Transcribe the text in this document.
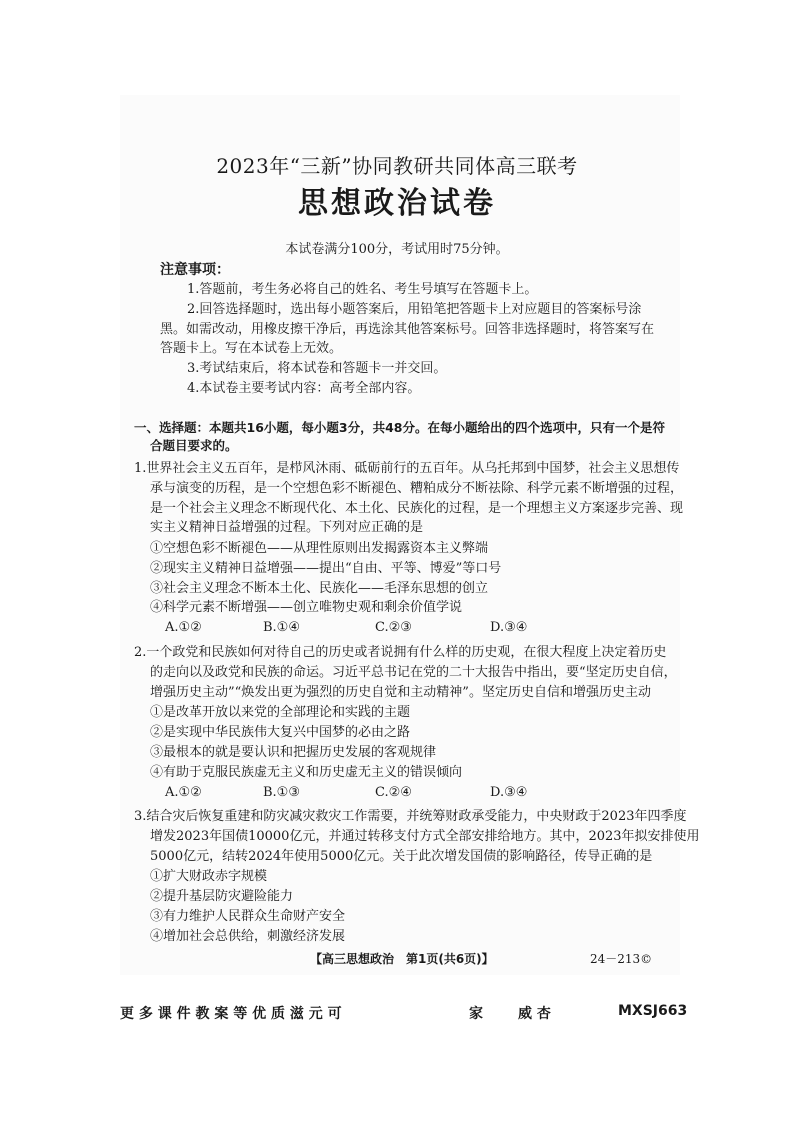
2023年“三新”协同教研共同体高三联考
思想政治试卷
本试卷满分100分，考试用时75分钟。
注意事项：
1.答题前，考生务必将自己的姓名、考生号填写在答题卡上。
2.回答选择题时，选出每小题答案后，用铅笔把答题卡上对应题目的答案标号涂
黑。如需改动，用橡皮擦干净后，再选涂其他答案标号。回答非选择题时，将答案写在
答题卡上。写在本试卷上无效。
3.考试结束后，将本试卷和答题卡一并交回。
4.本试卷主要考试内容：高考全部内容。
一、选择题：本题共16小题，每小题3分，共48分。在每小题给出的四个选项中，只有一个是符
合题目要求的。
1.世界社会主义五百年，是栉风沐雨、砥砺前行的五百年。从乌托邦到中国梦，社会主义思想传
承与演变的历程，是一个空想色彩不断褪色、糟粕成分不断祛除、科学元素不断增强的过程，
是一个社会主义理念不断现代化、本土化、民族化的过程，是一个理想主义方案逐步完善、现
实主义精神日益增强的过程。下列对应正确的是
①空想色彩不断褪色——从理性原则出发揭露资本主义弊端
②现实主义精神日益增强——提出“自由、平等、博爱”等口号
③社会主义理念不断本土化、民族化——毛泽东思想的创立
④科学元素不断增强——创立唯物史观和剩余价值学说
A.①②	B.①④	C.②③	D.③④
2.一个政党和民族如何对待自己的历史或者说拥有什么样的历史观，在很大程度上决定着历史
的走向以及政党和民族的命运。习近平总书记在党的二十大报告中指出，要“坚定历史自信，
增强历史主动”“焕发出更为强烈的历史自觉和主动精神”。坚定历史自信和增强历史主动
①是改革开放以来党的全部理论和实践的主题
②是实现中华民族伟大复兴中国梦的必由之路
③最根本的就是要认识和把握历史发展的客观规律
④有助于克服民族虚无主义和历史虚无主义的错误倾向
A.①②	B.①③	C.②④	D.③④
3.结合灾后恢复重建和防灾减灾救灾工作需要，并统筹财政承受能力，中央财政于2023年四季度
增发2023年国债10000亿元，并通过转移支付方式全部安排给地方。其中，2023年拟安排使用
5000亿元，结转2024年使用5000亿元。关于此次增发国债的影响路径，传导正确的是
①扩大财政赤字规模
②提升基层防灾避险能力
③有力维护人民群众生命财产安全
④增加社会总供给，刺激经济发展
【高三思想政治　第1页(共6页)】	24－213©
更 多 课 件 教 案 等 优 质 滋 元 可	家	威 杏	MXSJ663
